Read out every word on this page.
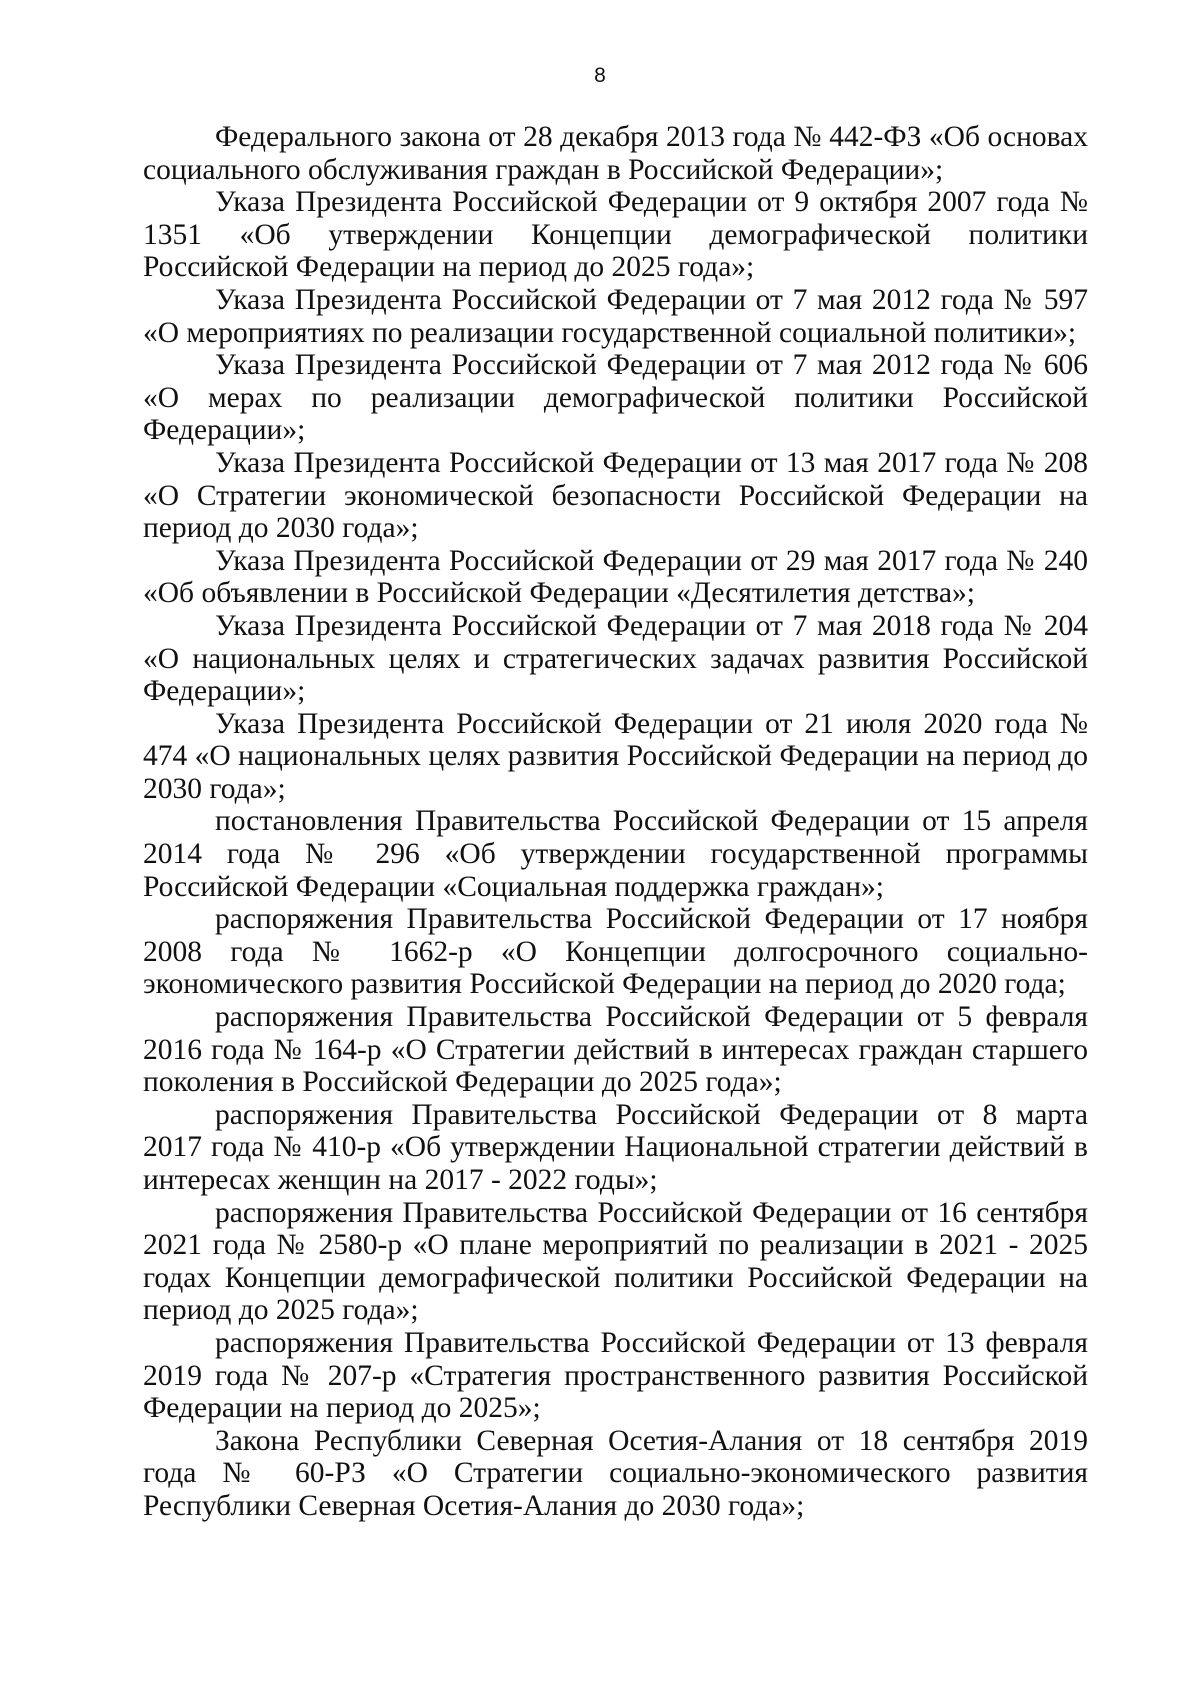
8

Федерального закона от 28 декабря 2013 года № 442-ФЗ «Об основах социального обслуживания граждан в Российской Федерации»;

Указа Президента Российской Федерации от 9 октября 2007 года № 1351 «Об утверждении Концепции демографической политики Российской Федерации на период до 2025 года»;

Указа Президента Российской Федерации от 7 мая 2012 года № 597 «О мероприятиях по реализации государственной социальной политики»;

Указа Президента Российской Федерации от 7 мая 2012 года № 606 «О мерах по реализации демографической политики Российской Федерации»;

Указа Президента Российской Федерации от 13 мая 2017 года № 208 «О Стратегии экономической безопасности Российской Федерации на период до 2030 года»;

Указа Президента Российской Федерации от 29 мая 2017 года № 240 «Об объявлении в Российской Федерации «Десятилетия детства»;

Указа Президента Российской Федерации от 7 мая 2018 года № 204 «О национальных целях и стратегических задачах развития Российской Федерации»;

Указа Президента Российской Федерации от 21 июля 2020 года № 474 «О национальных целях развития Российской Федерации на период до 2030 года»;

постановления Правительства Российской Федерации от 15 апреля 2014 года № 296 «Об утверждении государственной программы Российской Федерации «Социальная поддержка граждан»;

распоряжения Правительства Российской Федерации от 17 ноября 2008 года № 1662-р «О Концепции долгосрочного социально-экономического развития Российской Федерации на период до 2020 года;

распоряжения Правительства Российской Федерации от 5 февраля 2016 года № 164-р «О Стратегии действий в интересах граждан старшего поколения в Российской Федерации до 2025 года»;

распоряжения Правительства Российской Федерации от 8 марта 2017 года № 410-р «Об утверждении Национальной стратегии действий в интересах женщин на 2017 - 2022 годы»;

распоряжения Правительства Российской Федерации от 16 сентября 2021 года № 2580-р «О плане мероприятий по реализации в 2021 - 2025 годах Концепции демографической политики Российской Федерации на период до 2025 года»;

распоряжения Правительства Российской Федерации от 13 февраля 2019 года № 207-р «Стратегия пространственного развития Российской Федерации на период до 2025»;

Закона Республики Северная Осетия-Алания от 18 сентября 2019 года № 60-РЗ «О Стратегии социально-экономического развития Республики Северная Осетия-Алания до 2030 года»;
